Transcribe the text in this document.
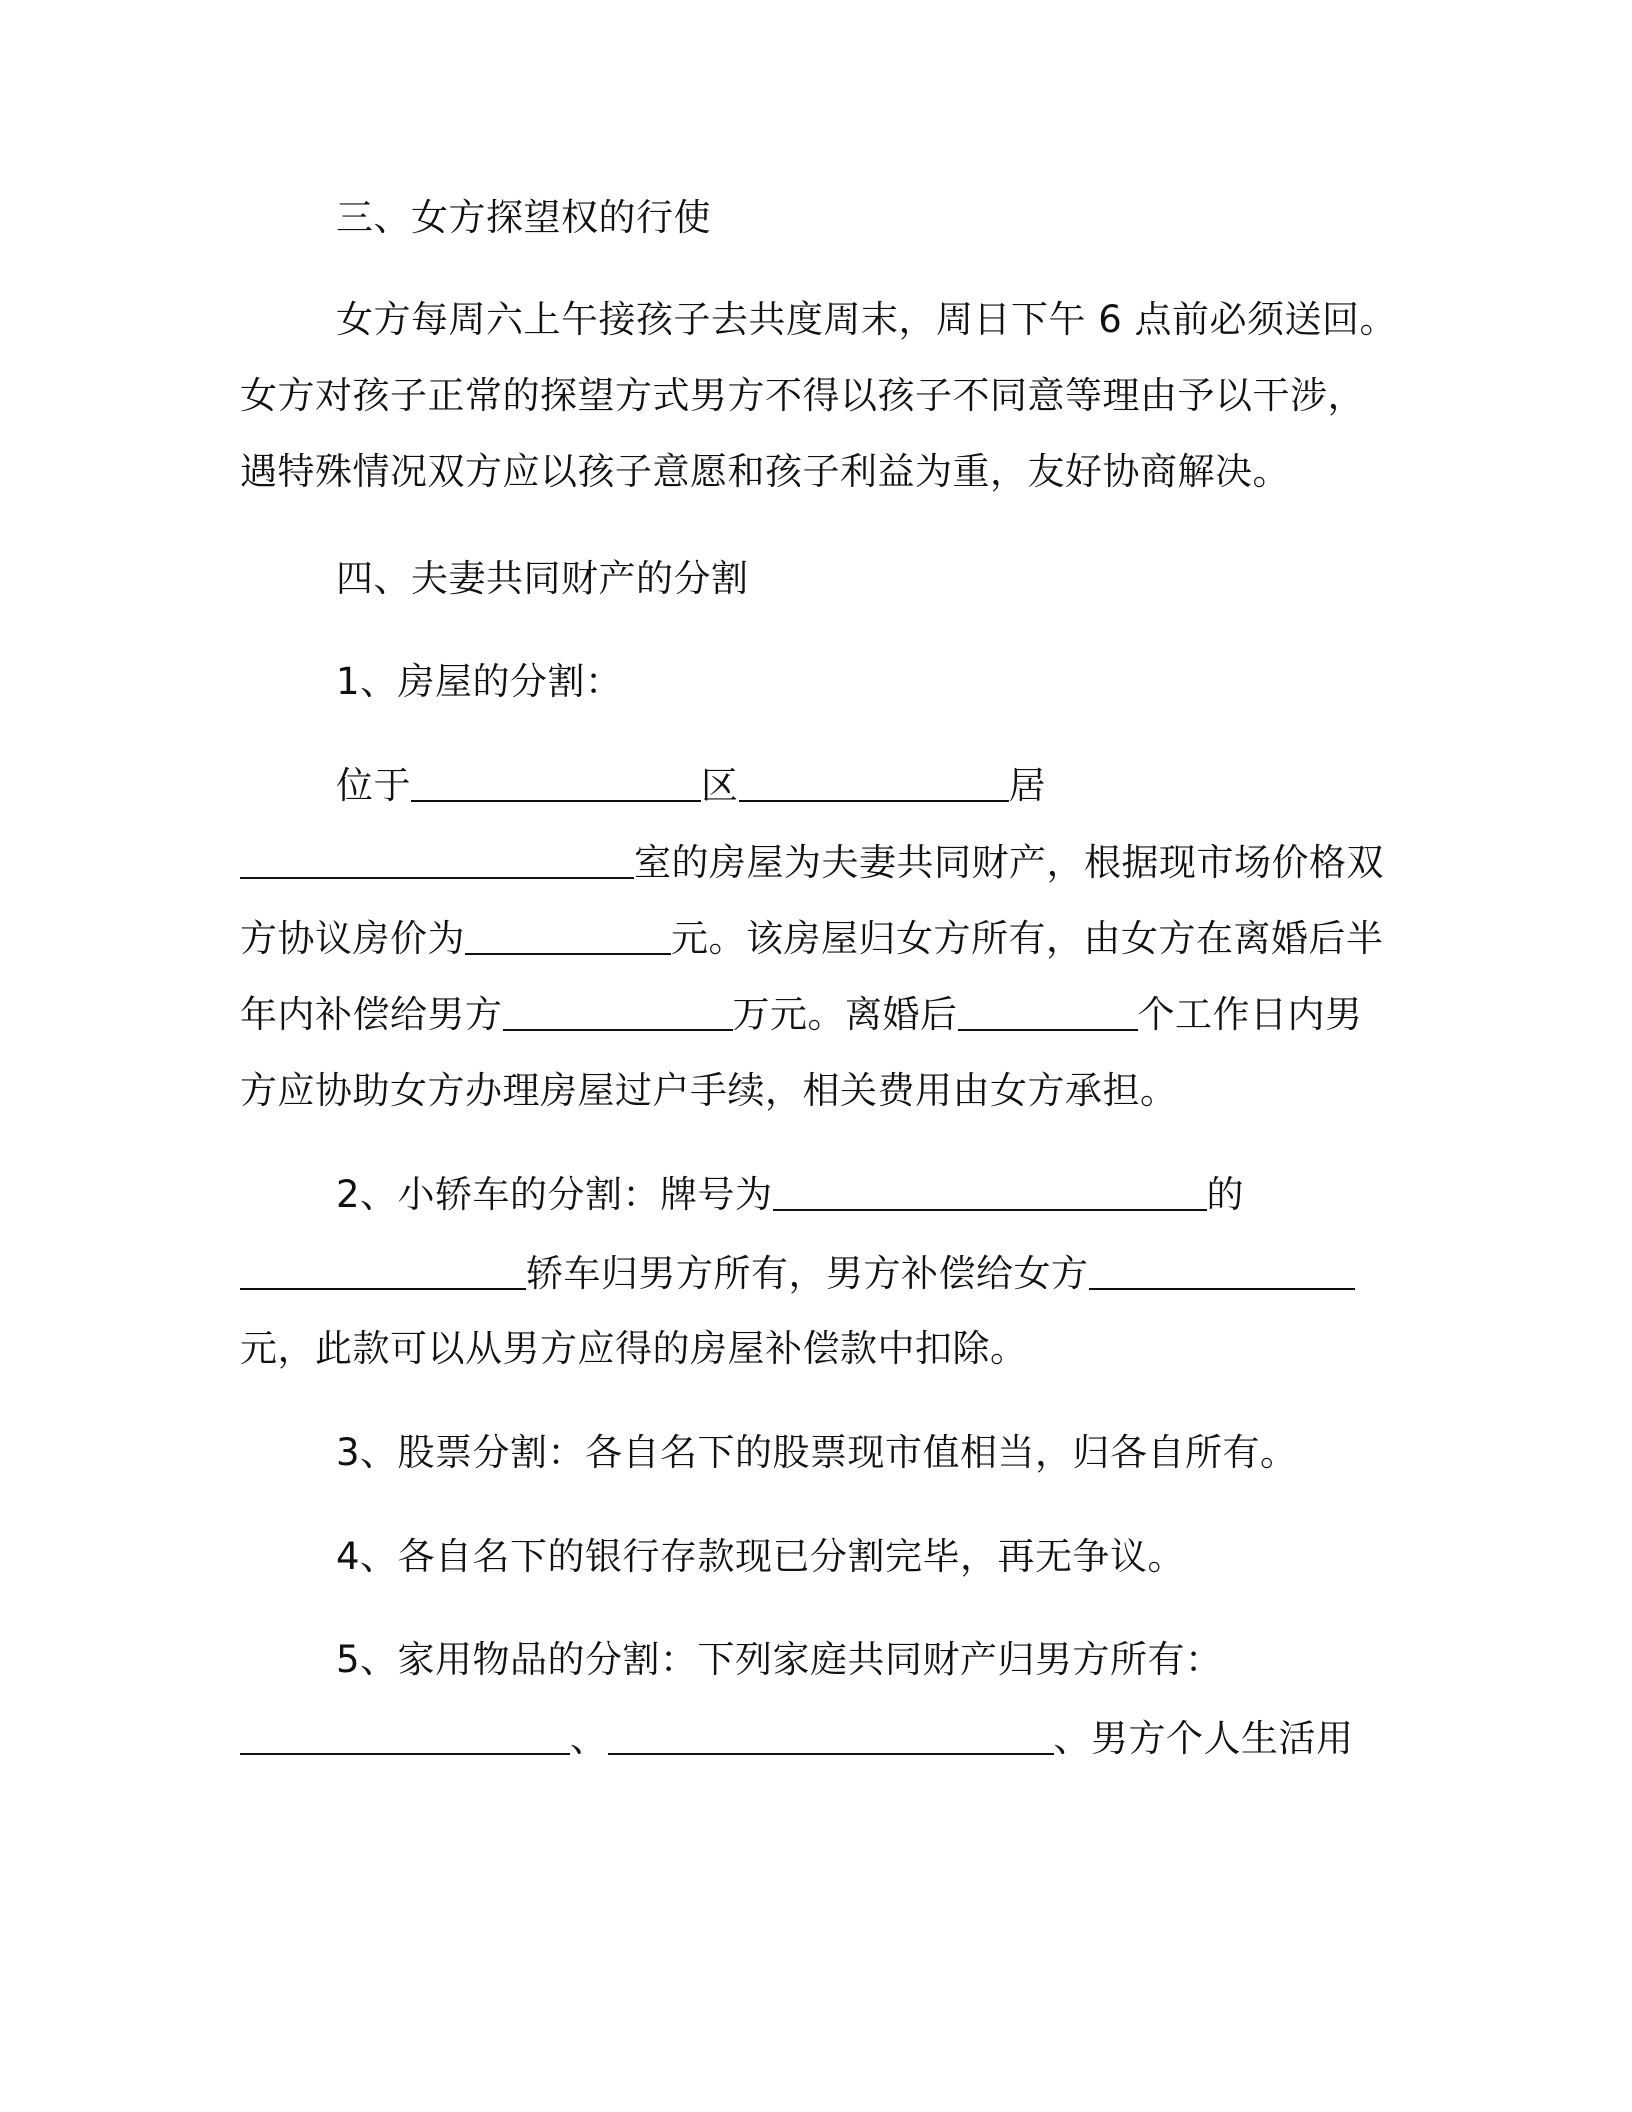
三、女方探望权的行使
女方每周六上午接孩子去共度周末，周日下午 6 点前必须送回。
女方对孩子正常的探望方式男方不得以孩子不同意等理由予以干涉，
遇特殊情况双方应以孩子意愿和孩子利益为重，友好协商解决。
四、夫妻共同财产的分割
1、房屋的分割：
位于	区	居
室的房屋为夫妻共同财产，根据现市场价格双
方协议房价为	元。该房屋归女方所有，由女方在离婚后半
年内补偿给男方	万元。离婚后	个工作日内男
方应协助女方办理房屋过户手续，相关费用由女方承担。
2、小轿车的分割：牌号为	的
轿车归男方所有，男方补偿给女方
元，此款可以从男方应得的房屋补偿款中扣除。
3、股票分割：各自名下的股票现市值相当，归各自所有。
4、各自名下的银行存款现已分割完毕，再无争议。
5、家用物品的分割：下列家庭共同财产归男方所有：
、	、男方个人生活用
